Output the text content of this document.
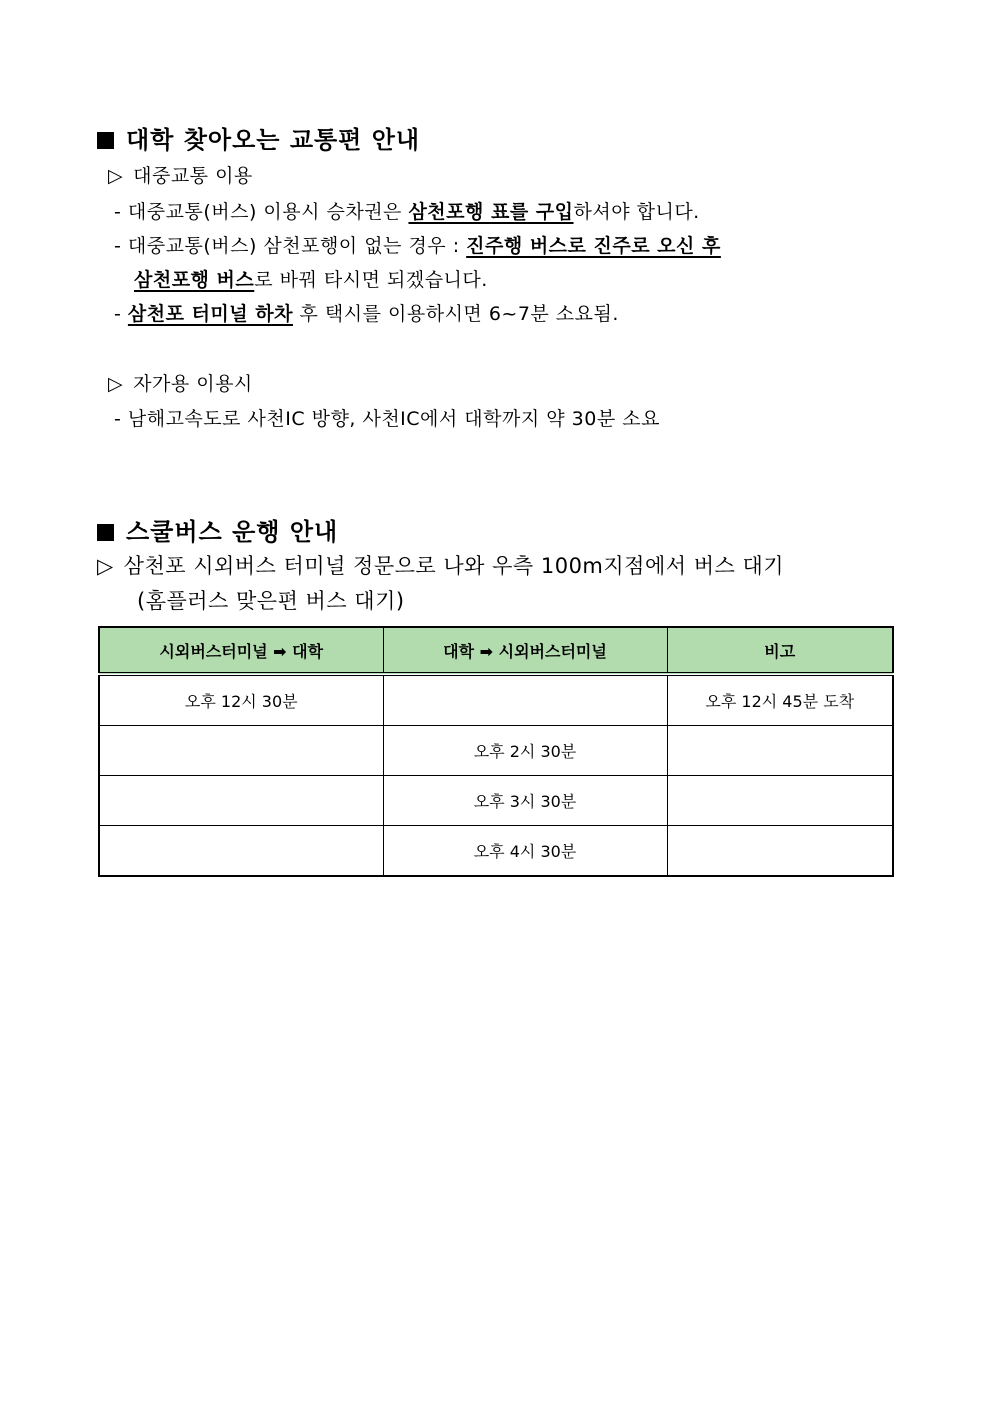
대학 찾아오는 교통편 안내
▷ 대중교통 이용
- 대중교통(버스) 이용시 승차권은 삼천포행 표를 구입하셔야 합니다.
- 대중교통(버스) 삼천포행이 없는 경우 : 진주행 버스로 진주로 오신 후
삼천포행 버스로 바꿔 타시면 되겠습니다.
- 삼천포 터미널 하차 후 택시를 이용하시면 6~7분 소요됨.
▷ 자가용 이용시
- 남해고속도로 사천IC 방향, 사천IC에서 대학까지 약 30분 소요
스쿨버스 운행 안내
▷ 삼천포 시외버스 터미널 정문으로 나와 우측 100m지점에서 버스 대기
(홈플러스 맞은편 버스 대기)
시외버스터미널 ➡ 대학	대학 ➡ 시외버스터미널	비고
오후 12시 30분		오후 12시 45분 도착
	오후 2시 30분	
	오후 3시 30분	
	오후 4시 30분	
